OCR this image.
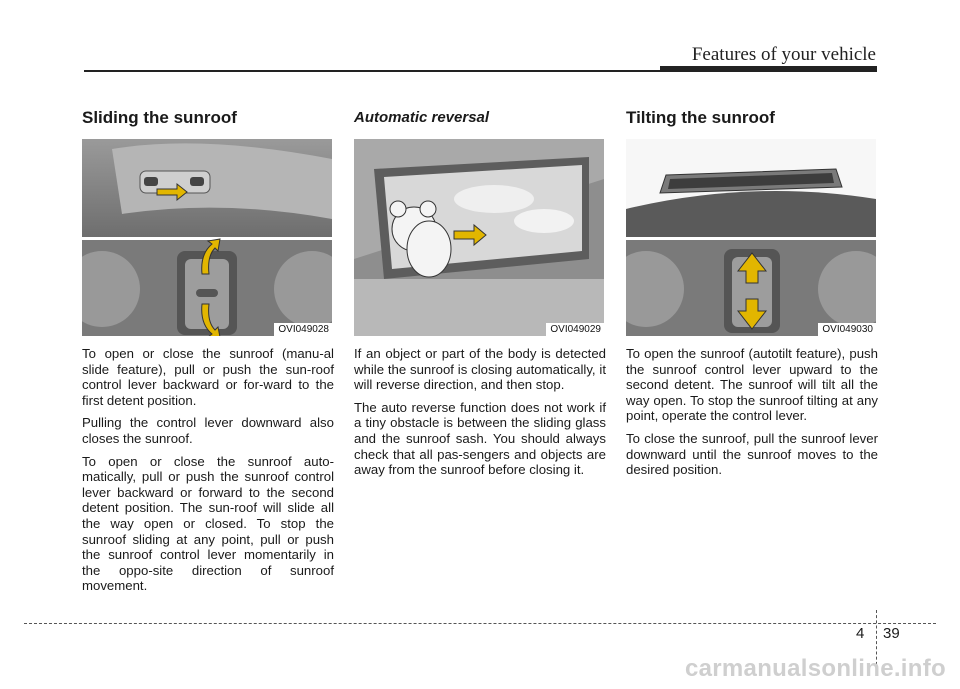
Features of your vehicle
Sliding the sunroof
OVI049028

To open or close the sunroof (manu-al slide feature), pull or push the sun-roof control lever backward or for-ward to the first detent position.

Pulling the control lever downward also closes the sunroof.

To open or close the sunroof auto-matically, pull or push the sunroof control lever backward or forward to the second detent position. The sun-roof will slide all the way open or closed. To stop the sunroof sliding at any point, pull or push the sunroof control lever momentarily in the oppo-site direction of sunroof movement.

Automatic reversal
OVI049029

If an object or part of the body is detected while the sunroof is closing automatically, it will reverse direction, and then stop.

The auto reverse function does not work if a tiny obstacle is between the sliding glass and the sunroof sash. You should always check that all pas-sengers and objects are away from the sunroof before closing it.

Tilting the sunroof
OVI049030

To open the sunroof (autotilt feature), push the sunroof control lever upward to the second detent. The sunroof will tilt all the way open. To stop the sunroof tilting at any point, operate the control lever.

To close the sunroof, pull the sunroof lever downward until the sunroof moves to the desired position.

4 39
carmanualsonline.info
